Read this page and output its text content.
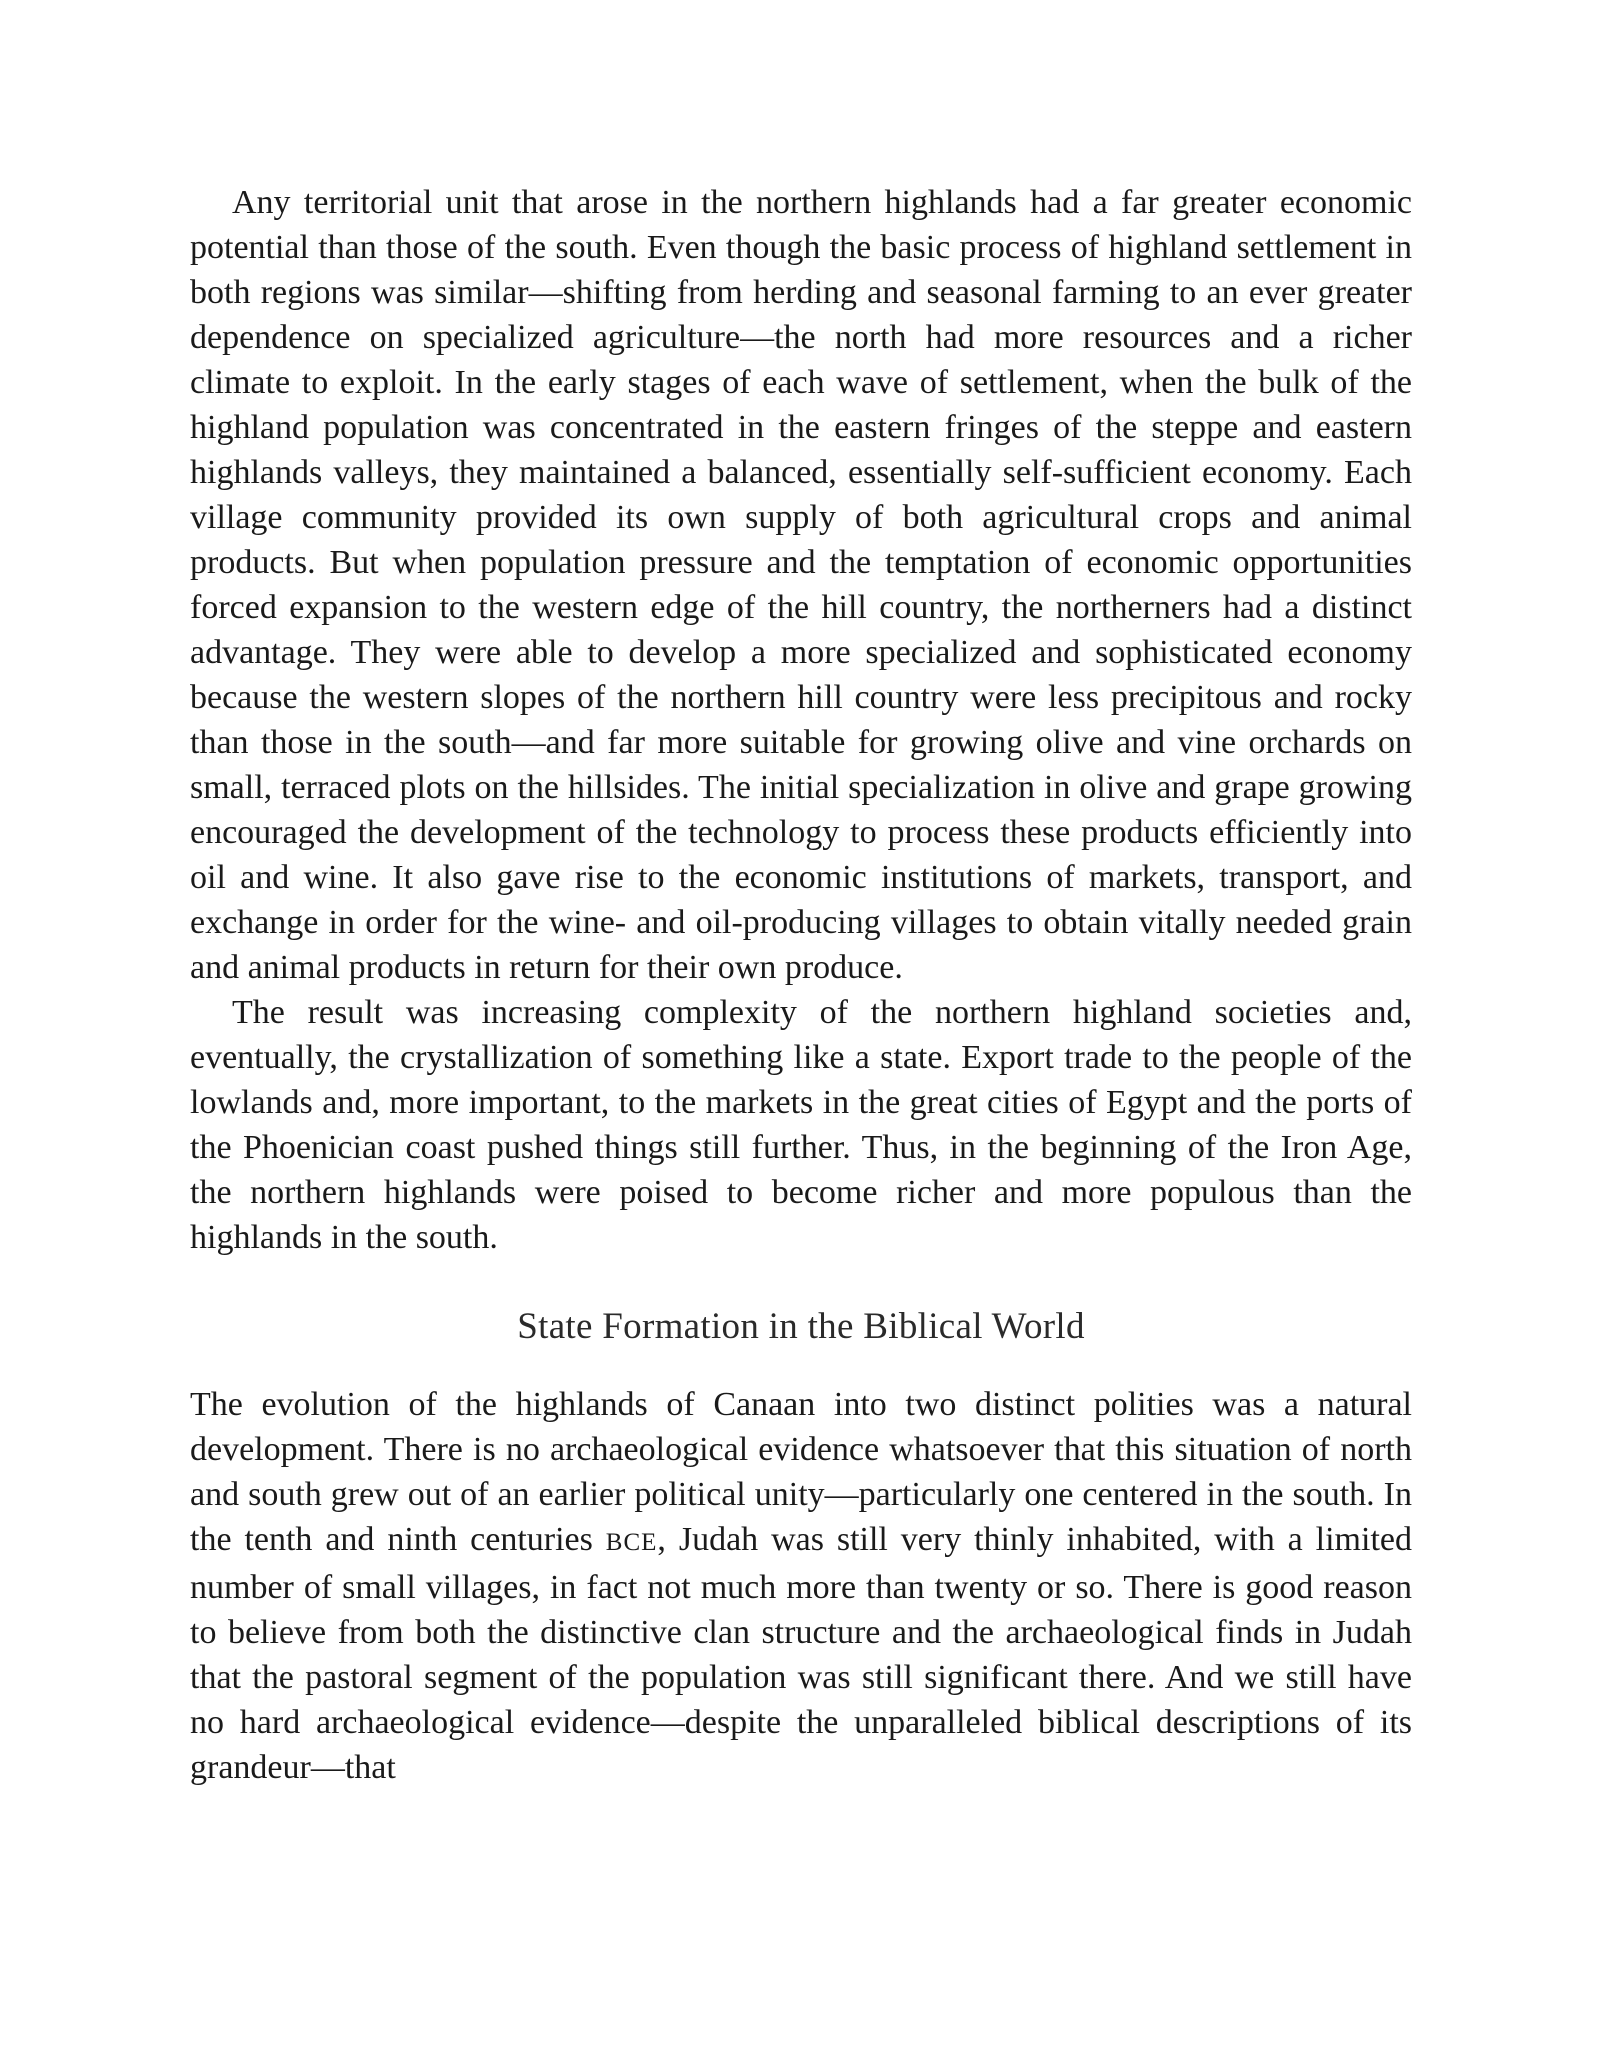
Any territorial unit that arose in the northern highlands had a far greater economic potential than those of the south. Even though the basic process of highland settlement in both regions was similar—shifting from herding and seasonal farming to an ever greater dependence on specialized agriculture—the north had more resources and a richer climate to exploit. In the early stages of each wave of settlement, when the bulk of the highland population was concentrated in the eastern fringes of the steppe and eastern highlands valleys, they maintained a balanced, essentially self-sufficient economy. Each village community provided its own supply of both agricultural crops and animal products. But when population pressure and the temptation of economic opportunities forced expansion to the western edge of the hill country, the northerners had a distinct advantage. They were able to develop a more specialized and sophisticated economy because the western slopes of the northern hill country were less precipitous and rocky than those in the south—and far more suitable for growing olive and vine orchards on small, terraced plots on the hillsides. The initial specialization in olive and grape growing encouraged the development of the technology to process these products efficiently into oil and wine. It also gave rise to the economic institutions of markets, transport, and exchange in order for the wine- and oil-producing villages to obtain vitally needed grain and animal products in return for their own produce.

The result was increasing complexity of the northern highland societies and, eventually, the crystallization of something like a state. Export trade to the people of the lowlands and, more important, to the markets in the great cities of Egypt and the ports of the Phoenician coast pushed things still further. Thus, in the beginning of the Iron Age, the northern highlands were poised to become richer and more populous than the highlands in the south.

State Formation in the Biblical World

The evolution of the highlands of Canaan into two distinct polities was a natural development. There is no archaeological evidence whatsoever that this situation of north and south grew out of an earlier political unity—particularly one centered in the south. In the tenth and ninth centuries BCE, Judah was still very thinly inhabited, with a limited number of small villages, in fact not much more than twenty or so. There is good reason to believe from both the distinctive clan structure and the archaeological finds in Judah that the pastoral segment of the population was still significant there. And we still have no hard archaeological evidence—despite the unparalleled biblical descriptions of its grandeur—that
